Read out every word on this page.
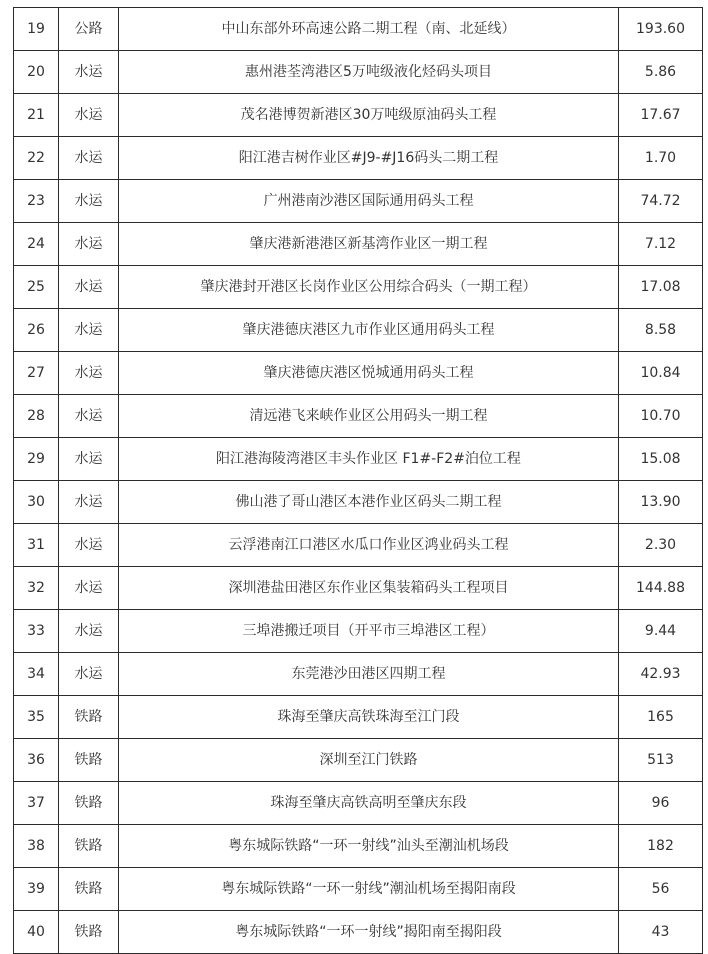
19	公路	中山东部外环高速公路二期工程（南、北延线）	193.60
20	水运	惠州港荃湾港区5万吨级液化烃码头项目	5.86
21	水运	茂名港博贺新港区30万吨级原油码头工程	17.67
22	水运	阳江港吉树作业区#J9-#J16码头二期工程	1.70
23	水运	广州港南沙港区国际通用码头工程	74.72
24	水运	肇庆港新港港区新基湾作业区一期工程	7.12
25	水运	肇庆港封开港区长岗作业区公用综合码头（一期工程）	17.08
26	水运	肇庆港德庆港区九市作业区通用码头工程	8.58
27	水运	肇庆港德庆港区悦城通用码头工程	10.84
28	水运	清远港飞来峡作业区公用码头一期工程	10.70
29	水运	阳江港海陵湾港区丰头作业区 F1#-F2#泊位工程	15.08
30	水运	佛山港了哥山港区本港作业区码头二期工程	13.90
31	水运	云浮港南江口港区水瓜口作业区鸿业码头工程	2.30
32	水运	深圳港盐田港区东作业区集装箱码头工程项目	144.88
33	水运	三埠港搬迁项目（开平市三埠港区工程）	9.44
34	水运	东莞港沙田港区四期工程	42.93
35	铁路	珠海至肇庆高铁珠海至江门段	165
36	铁路	深圳至江门铁路	513
37	铁路	珠海至肇庆高铁高明至肇庆东段	96
38	铁路	粤东城际铁路“一环一射线”汕头至潮汕机场段	182
39	铁路	粤东城际铁路“一环一射线”潮汕机场至揭阳南段	56
40	铁路	粤东城际铁路“一环一射线”揭阳南至揭阳段	43
